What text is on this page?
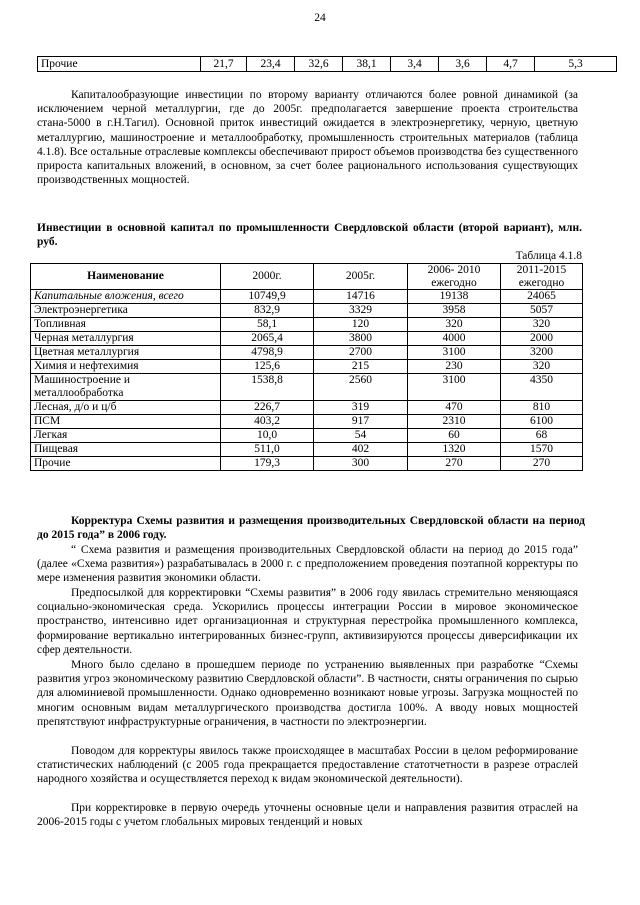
24
Прочие	21,7	23,4	32,6	38,1	3,4	3,6	4,7	5,3

Капиталообразующие инвестиции по второму варианту отличаются более ровной динамикой (за исключением черной металлургии, где до 2005г. предполагается завершение проекта строительства стана-5000 в г.Н.Тагил). Основной приток инвестиций ожидается в электроэнергетику, черную, цветную металлургию, машиностроение и металлообработку, промышленность строительных материалов (таблица 4.1.8). Все остальные отраслевые комплексы обеспечивают прирост объемов производства без существенного прироста капитальных вложений, в основном, за счет более рационального использования существующих производственных мощностей.

Инвестиции в основной капитал по промышленности Свердловской области (второй вариант), млн. руб.

Таблица 4.1.8
Наименование	2000г.	2005г.	2006- 2010 ежегодно	2011-2015 ежегодно
Капитальные вложения, всего	10749,9	14716	19138	24065
Электроэнергетика	832,9	3329	3958	5057
Топливная	58,1	120	320	320
Черная металлургия	2065,4	3800	4000	2000
Цветная металлургия	4798,9	2700	3100	3200
Химия и нефтехимия	125,6	215	230	320
Машиностроение и металлообработка	1538,8	2560	3100	4350
Лесная, д/о и ц/б	226,7	319	470	810
ПСМ	403,2	917	2310	6100
Легкая	10,0	54	60	68
Пищевая	511,0	402	1320	1570
Прочие	179,3	300	270	270

Корректура Схемы развития и размещения производительных Свердловской области на период до 2015 года” в 2006 году.

“ Схема развития и размещения производительных Свердловской области на период до 2015 года” (далее «Схема развития») разрабатывалась в 2000 г. с предположением проведения поэтапной корректуры по мере изменения развития экономики области.

Предпосылкой для корректировки “Схемы развития” в 2006 году явилась стремительно меняющаяся социально-экономическая среда. Ускорились процессы интеграции России в мировое экономическое пространство, интенсивно идет организационная и структурная перестройка промышленного комплекса, формирование вертикально интегрированных бизнес-групп, активизируются процессы диверсификации их сфер деятельности.

Много было сделано в прошедшем периоде по устранению выявленных при разработке “Схемы развития угроз экономическому развитию Свердловской области”. В частности, сняты ограничения по сырью для алюминиевой промышленности. Однако одновременно возникают новые угрозы. Загрузка мощностей по многим основным видам металлургического производства достигла 100%. А вводу новых мощностей препятствуют инфраструктурные ограничения, в частности по электроэнергии.

Поводом для корректуры явилось также происходящее в масштабах России в целом реформирование статистических наблюдений (с 2005 года прекращается предоставление статотчетности в разрезе отраслей народного хозяйства и осуществляется переход к видам экономической деятельности).

При корректировке в первую очередь уточнены основные цели и направления развития отраслей на 2006-2015 годы с учетом глобальных мировых тенденций и новых
